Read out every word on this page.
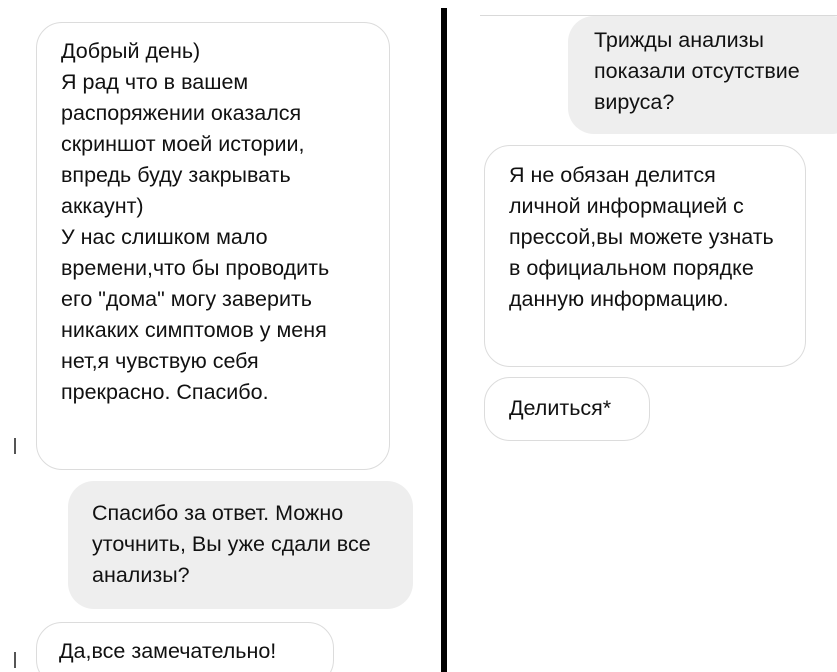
Добрый день)
Я рад что в вашем распоряжении оказался скриншот моей истории, впредь буду закрывать аккаунт)
У нас слишком мало времени,что бы проводить его "дома" могу заверить никаких симптомов у меня нет,я чувствую себя прекрасно. Спасибо.
Спасибо за ответ. Можно уточнить, Вы уже сдали все анализы?
Да,все замечательно!
Трижды анализы показали отсутствие вируса?
Я не обязан делится личной информацией с прессой,вы можете узнать в официальном порядке данную информацию.
Делиться*
